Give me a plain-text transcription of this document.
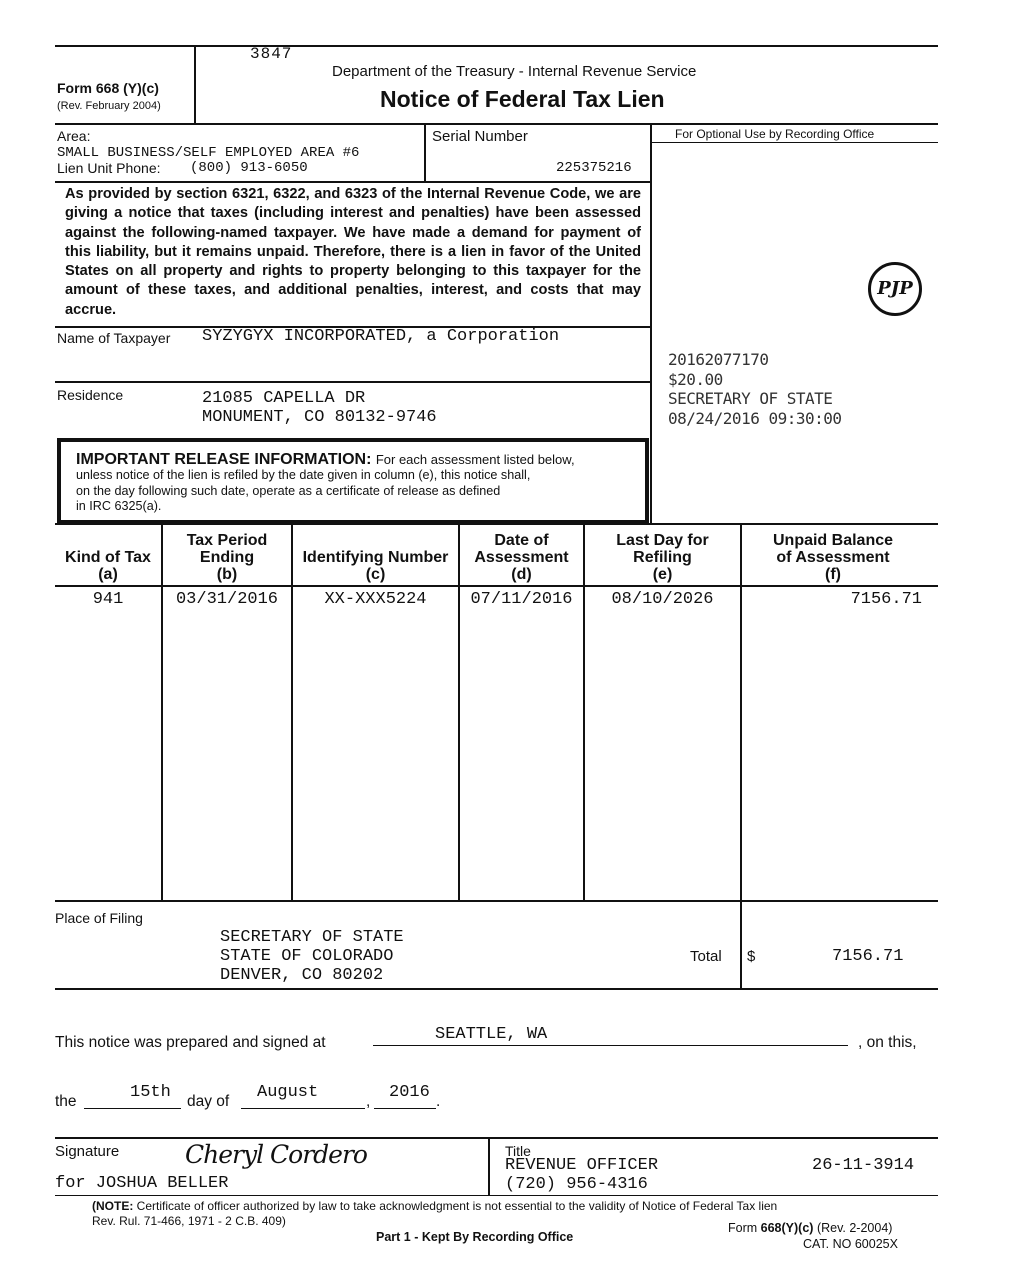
3847
Form 668 (Y)(c)
(Rev. February 2004)
Department of the Treasury - Internal Revenue Service
Notice of Federal Tax Lien
Area:
SMALL BUSINESS/SELF EMPLOYED AREA #6
Lien Unit Phone: (800) 913-6050
Serial Number
225375216
For Optional Use by Recording Office
PJP
20162077170
$20.00
SECRETARY OF STATE
08/24/2016 09:30:00
As provided by section 6321, 6322, and 6323 of the Internal Revenue Code, we are giving a notice that taxes (including interest and penalties) have been assessed against the following-named taxpayer. We have made a demand for payment of this liability, but it remains unpaid. Therefore, there is a lien in favor of the United States on all property and rights to property belonging to this taxpayer for the amount of these taxes, and additional penalties, interest, and costs that may accrue.
Name of Taxpayer SYZYGYX INCORPORATED, a Corporation
Residence	21085 CAPELLA DR
MONUMENT, CO 80132-9746
IMPORTANT RELEASE INFORMATION: For each assessment listed below,
unless notice of the lien is refiled by the date given in column (e), this notice shall,
on the day following such date, operate as a certificate of release as defined
in IRC 6325(a).
Kind of Tax
(a)
Tax Period
Ending
(b)
Identifying Number
(c)
Date of
Assessment
(d)
Last Day for
Refiling
(e)
Unpaid Balance
of Assessment
(f)
941	03/31/2016	XX-XXX5224	07/11/2016	08/10/2026	7156.71
Place of Filing
SECRETARY OF STATE
STATE OF COLORADO
DENVER, CO 80202
Total $	7156.71
This notice was prepared and signed at	SEATTLE, WA	, on this,
the	15th day of August	, 2016 .
Signature	Cheryl Cordero
for JOSHUA BELLER
Title
REVENUE OFFICER	26-11-3914
(720) 956-4316
(NOTE: Certificate of officer authorized by law to take acknowledgment is not essential to the validity of Notice of Federal Tax lien
Rev. Rul. 71-466, 1971 - 2 C.B. 409)
Part 1 - Kept By Recording Office
Form 668(Y)(c) (Rev. 2-2004)
CAT. NO 60025X
